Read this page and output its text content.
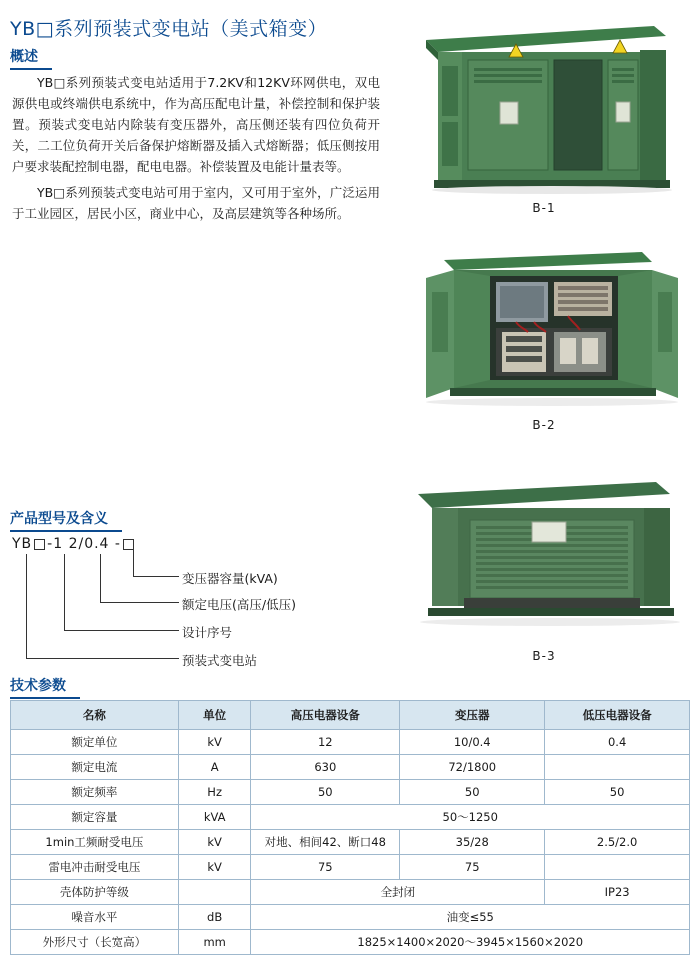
YB□系列预装式变电站（美式箱变）
概述

YB□系列预装式变电站适用于7.2KV和12KV环网供电，双电源供电或终端供电系统中，作为高压配电计量，补偿控制和保护装置。预装式变电站内除装有变压器外，高压侧还装有四位负荷开关，二工位负荷开关后备保护熔断器及插入式熔断器；低压侧按用户要求装配控制电器，配电电器。补偿装置及电能计量表等。

YB□系列预装式变电站可用于室内，又可用于室外，广泛运用于工业园区，居民小区，商业中心，及高层建筑等各种场所。	B-1
B-2
B-3
产品型号及含义
YB -1 2/0.4 -
变压器容量(kVA)
额定电压(高压/低压)
设计序号
预装式变电站
技术参数
名称	单位	高压电器设备	变压器	低压电器设备
额定单位	kV	12	10/0.4	0.4
额定电流	A	630	72/1800	
额定频率	Hz	50	50	50
额定容量	kVA	50～1250		
1min工频耐受电压	kV	对地、相间42、断口48	35/28	2.5/2.0
雷电冲击耐受电压	kV	75	75	
壳体防护等级		全封闭		IP23
噪音水平	dB	油变≤55		
外形尺寸（长宽高）	mm	1825×1400×2020～3945×1560×2020		
